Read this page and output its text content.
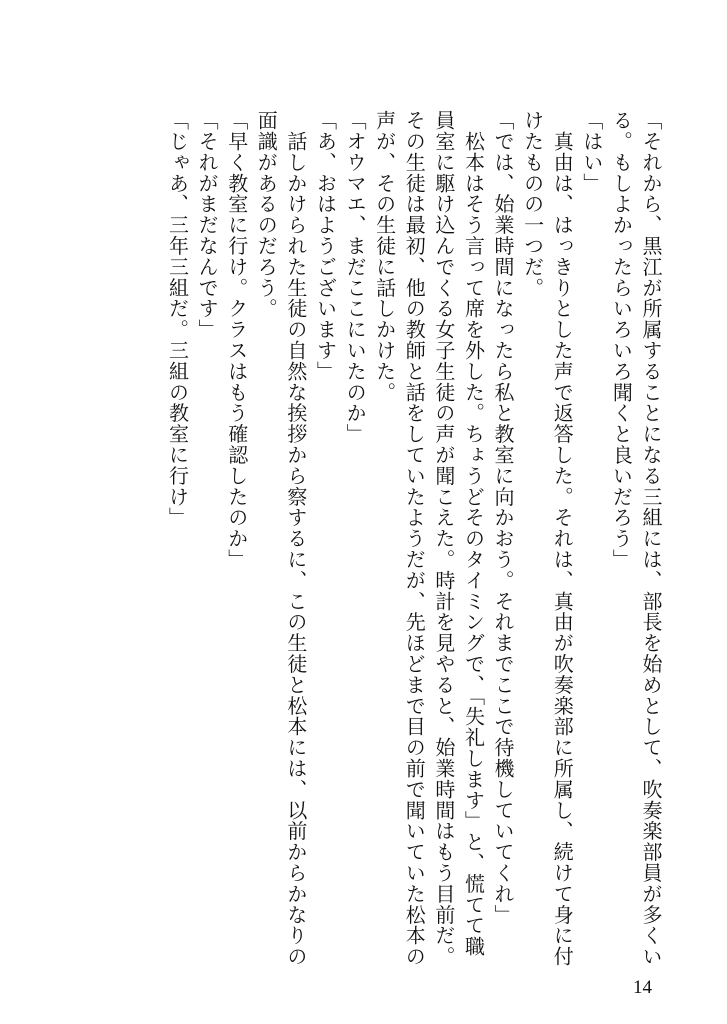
「それから、黒江が所属することになる三組には、部長を始めとして、吹奏楽部員が多くい
る。もしよかったらいろいろ聞くと良いだろう」
「はい」
　真由は、はっきりとした声で返答した。それは、真由が吹奏楽部に所属し、続けて身に付
けたものの一つだ。
「では、始業時間になったら私と教室に向かおう。それまでここで待機していてくれ」
　松本はそう言って席を外した。ちょうどそのタイミングで、「失礼します」と、慌てて職
員室に駆け込んでくる女子生徒の声が聞こえた。時計を見やると、始業時間はもう目前だ。
その生徒は最初、他の教師と話をしていたようだが、先ほどまで目の前で聞いていた松本の
声が、その生徒に話しかけた。
「オウマエ、まだここにいたのか」
「あ、おはようございます」
　話しかけられた生徒の自然な挨拶から察するに、この生徒と松本には、以前からかなりの
面識があるのだろう。
「早く教室に行け。クラスはもう確認したのか」
「それがまだなんです」
「じゃあ、三年三組だ。三組の教室に行け」
14
